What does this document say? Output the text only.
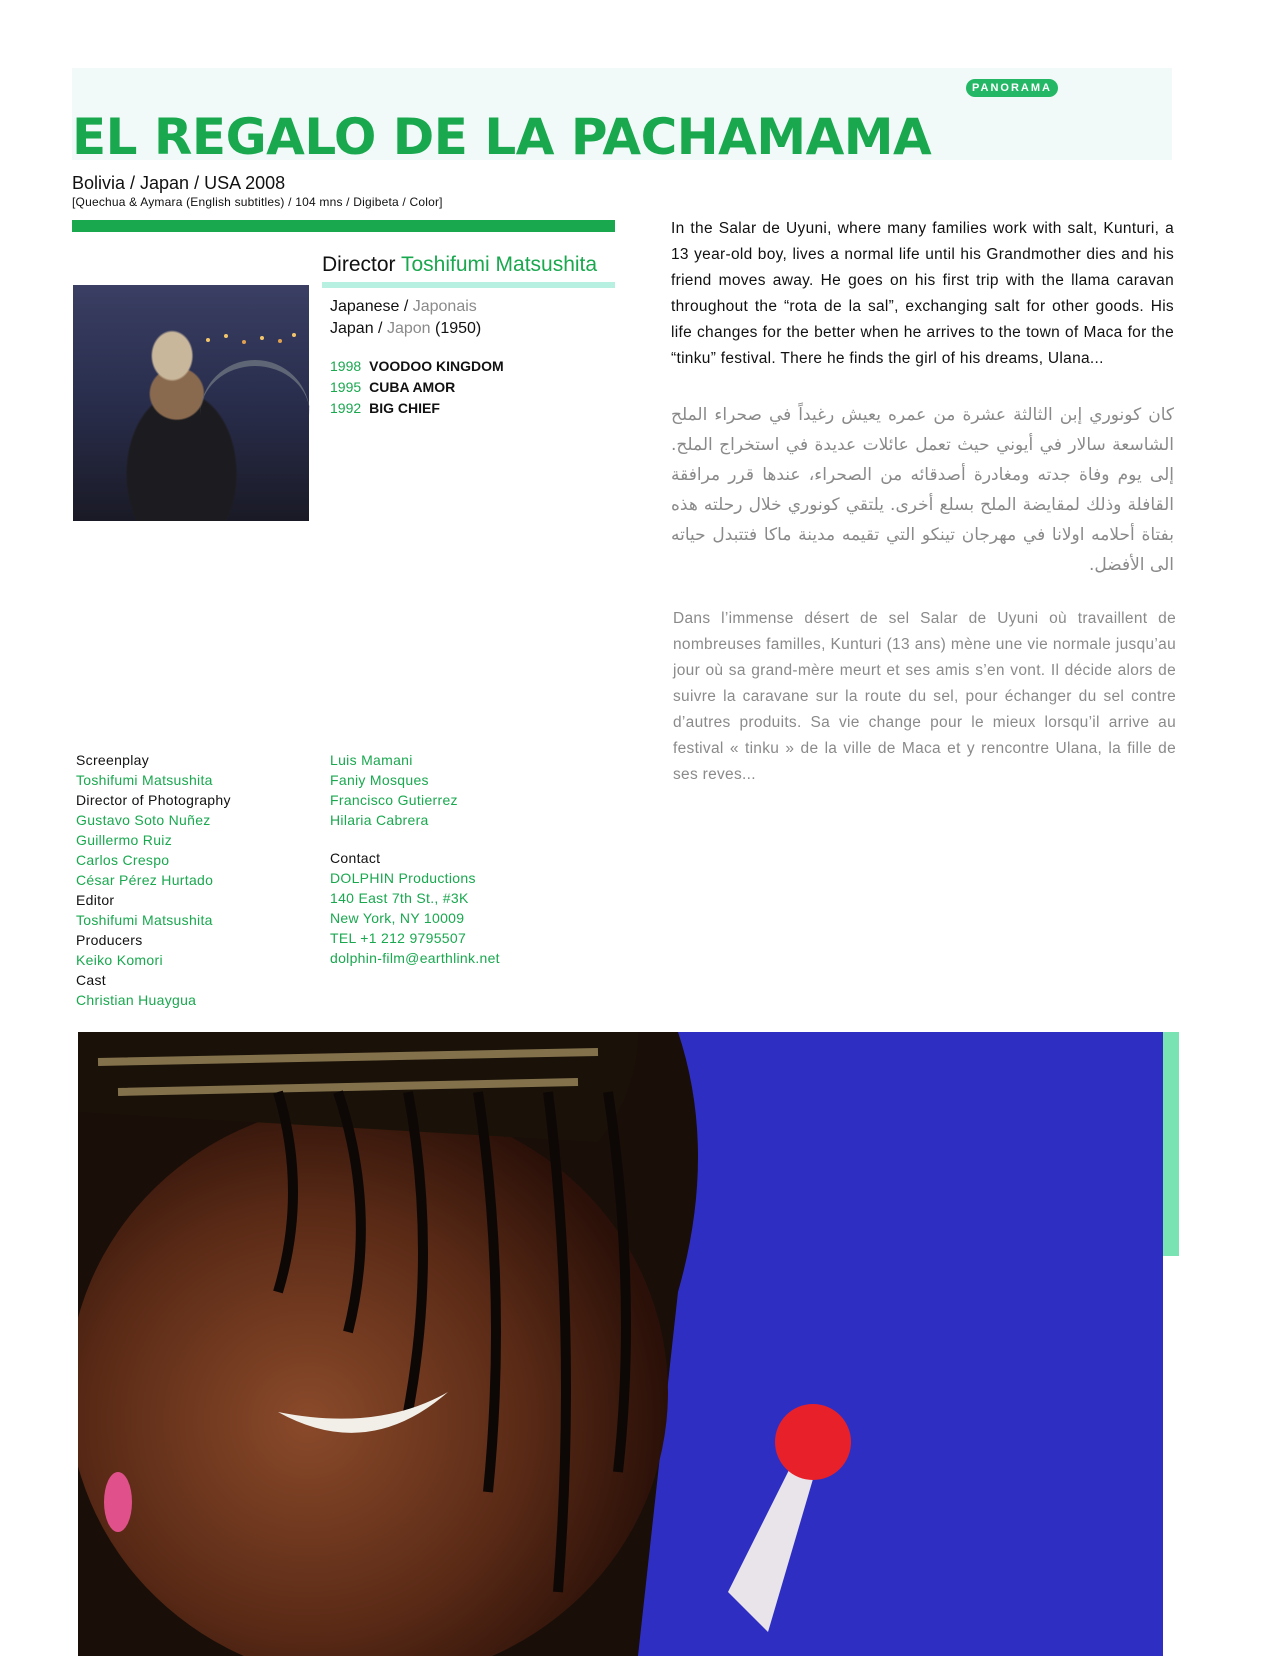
PANORAMA
EL REGALO DE LA PACHAMAMA
Bolivia / Japan / USA 2008
[Quechua & Aymara (English subtitles) / 104 mns / Digibeta / Color]
Director Toshifumi Matsushita
Japanese / Japonais
Japan / Japon (1950)
1998 VOODOO KINGDOM
1995 CUBA AMOR
1992 BIG CHIEF
In the Salar de Uyuni, where many families work with salt, Kunturi, a 13 year-old boy, lives a normal life until his Grandmother dies and his friend moves away. He goes on his first trip with the llama caravan throughout the “rota de la sal”, exchanging salt for other goods. His life changes for the better when he arrives to the town of Maca for the “tinku” festival. There he finds the girl of his dreams, Ulana...
كان كونوري إبن الثالثة عشرة من عمره يعيش رغيداً في صحراء الملح الشاسعة سالار في أيوني حيث تعمل عائلات عديدة في استخراج الملح. إلى يوم وفاة جدته ومغادرة أصدقائه من الصحراء، عندها قرر مرافقة القافلة وذلك لمقايضة الملح بسلع أخرى. يلتقي كونوري خلال رحلته هذه بفتاة أحلامه اولانا في مهرجان تينكو التي تقيمه مدينة ماكا فتتبدل حياته الى الأفضل.
Dans l’immense désert de sel Salar de Uyuni où travaillent de nombreuses familles, Kunturi (13 ans) mène une vie normale jusqu’au jour où sa grand-mère meurt et ses amis s’en vont. Il décide alors de suivre la caravane sur la route du sel, pour échanger du sel contre d’autres produits. Sa vie change pour le mieux lorsqu’il arrive au festival « tinku » de la ville de Maca et y rencontre Ulana, la fille de ses reves...
Screenplay
Toshifumi Matsushita
Director of Photography
Gustavo Soto Nuñez
Guillermo Ruiz
Carlos Crespo
César Pérez Hurtado
Editor
Toshifumi Matsushita
Producers
Keiko Komori
Cast
Christian Huaygua
Luis Mamani
Faniy Mosques
Francisco Gutierrez
Hilaria Cabrera
Contact
DOLPHIN Productions
140 East 7th St., #3K
New York, NY 10009
TEL +1 212 9795507
dolphin-film@earthlink.net
